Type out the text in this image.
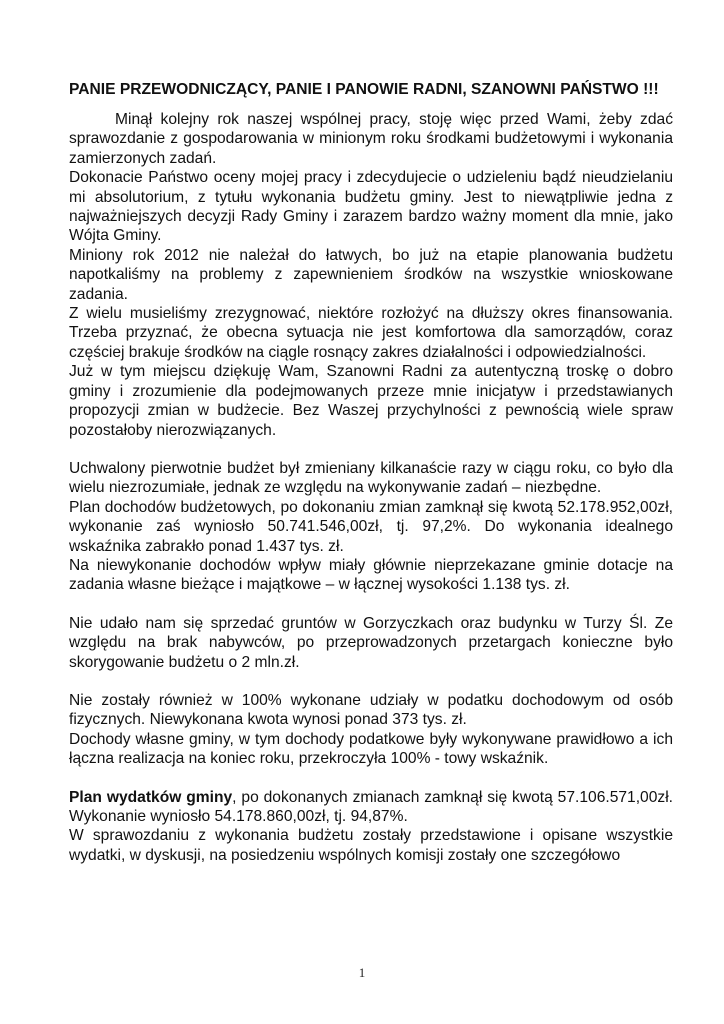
PANIE PRZEWODNICZĄCY, PANIE I PANOWIE RADNI, SZANOWNI PAŃSTWO !!!

Minął kolejny rok naszej wspólnej pracy, stoję więc przed Wami, żeby zdać sprawozdanie z gospodarowania w minionym roku środkami budżetowymi i wykonania zamierzonych zadań.

Dokonacie Państwo oceny mojej pracy i zdecydujecie o udzieleniu bądź nieudzielaniu mi absolutorium, z tytułu wykonania budżetu gminy. Jest to niewątpliwie jedna z najważniejszych decyzji Rady Gminy i zarazem bardzo ważny moment dla mnie, jako Wójta Gminy.

Miniony rok 2012 nie należał do łatwych, bo już na etapie planowania budżetu napotkaliśmy na problemy z zapewnieniem środków na wszystkie wnioskowane zadania.

Z wielu musieliśmy zrezygnować, niektóre rozłożyć na dłuższy okres finansowania. Trzeba przyznać, że obecna sytuacja nie jest komfortowa dla samorządów, coraz częściej brakuje środków na ciągle rosnący zakres działalności i odpowiedzialności.

Już w tym miejscu dziękuję Wam, Szanowni Radni za autentyczną troskę o dobro gminy i zrozumienie dla podejmowanych przeze mnie inicjatyw i przedstawianych propozycji zmian w budżecie. Bez Waszej przychylności z pewnością wiele spraw pozostałoby nierozwiązanych.

Uchwalony pierwotnie budżet był zmieniany kilkanaście razy w ciągu roku, co było dla wielu niezrozumiałe, jednak ze względu na wykonywanie zadań – niezbędne.

Plan dochodów budżetowych, po dokonaniu zmian zamknął się kwotą 52.178.952,00zł, wykonanie zaś wyniosło 50.741.546,00zł, tj. 97,2%. Do wykonania idealnego wskaźnika zabrakło ponad 1.437 tys. zł.

Na niewykonanie dochodów wpływ miały głównie nieprzekazane gminie dotacje na zadania własne bieżące i majątkowe – w łącznej wysokości 1.138 tys. zł.

Nie udało nam się sprzedać gruntów w Gorzyczkach oraz budynku w Turzy Śl. Ze względu na brak nabywców, po przeprowadzonych przetargach konieczne było skorygowanie budżetu o 2 mln.zł.

Nie zostały również w 100% wykonane udziały w podatku dochodowym od osób fizycznych. Niewykonana kwota wynosi ponad 373 tys. zł.

Dochody własne gminy, w tym dochody podatkowe były wykonywane prawidłowo a ich łączna realizacja na koniec roku, przekroczyła 100% - towy wskaźnik.

Plan wydatków gminy, po dokonanych zmianach zamknął się kwotą 57.106.571,00zł. Wykonanie wyniosło 54.178.860,00zł, tj. 94,87%.

W sprawozdaniu z wykonania budżetu zostały przedstawione i opisane wszystkie wydatki, w dyskusji, na posiedzeniu wspólnych komisji zostały one szczegółowo

1
